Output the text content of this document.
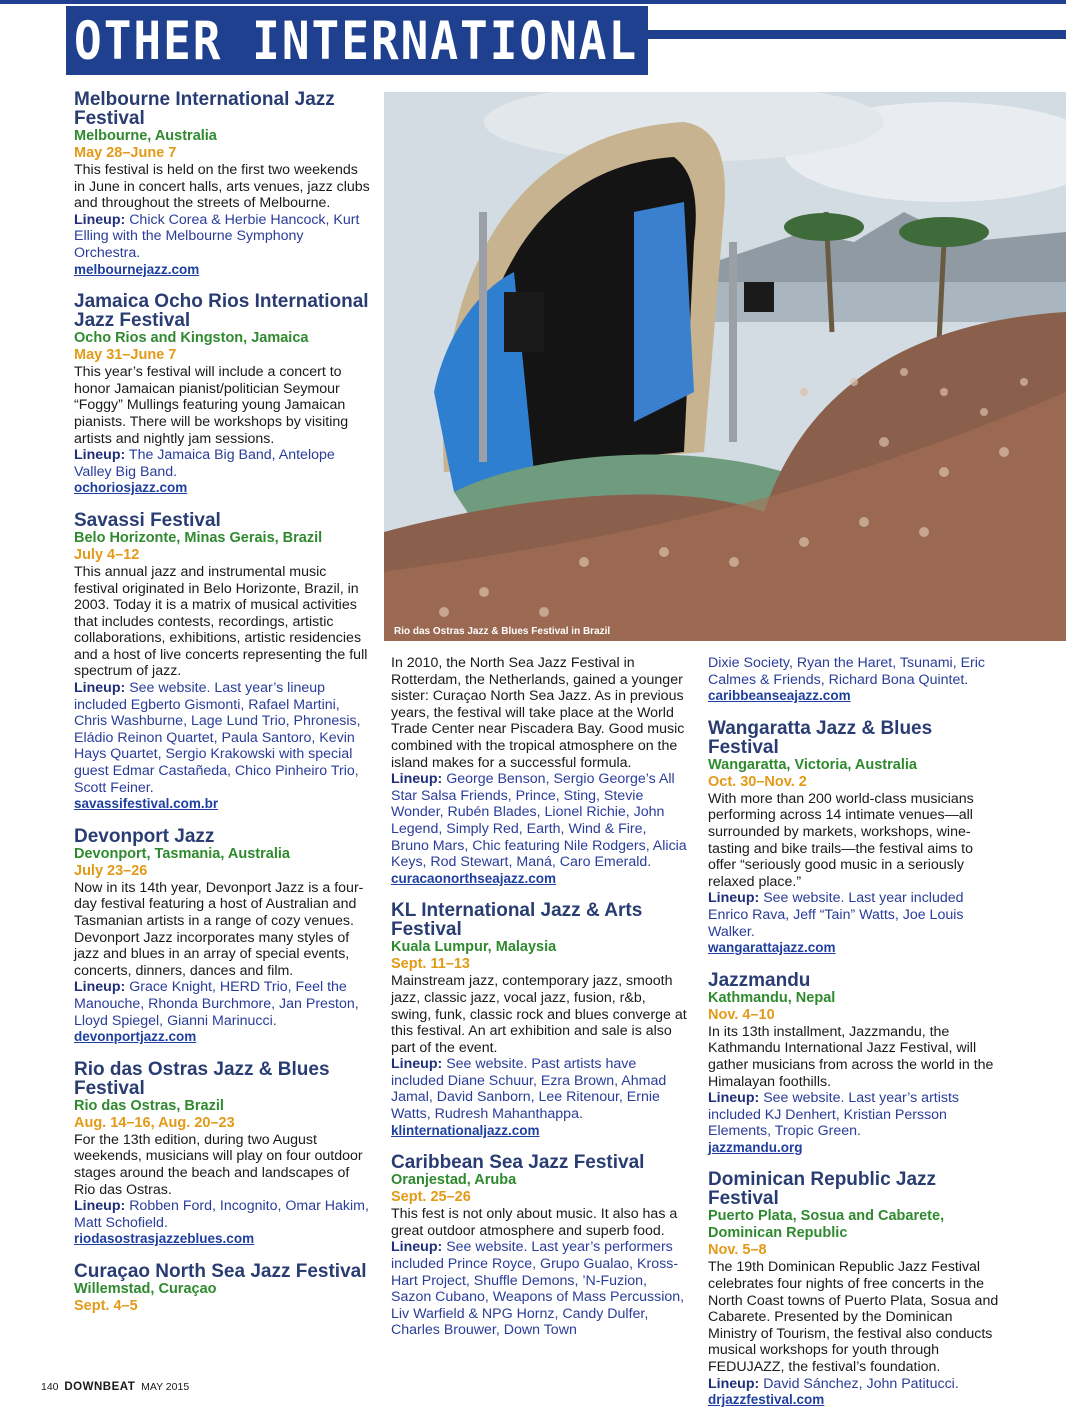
OTHER INTERNATIONAL
Rio das Ostras Jazz & Blues Festival in Brazil
Melbourne International Jazz Festival
Melbourne, Australia
May 28–June 7
This festival is held on the first two weekends in June in concert halls, arts venues, jazz clubs and throughout the streets of Melbourne.
Lineup: Chick Corea & Herbie Hancock, Kurt Elling with the Melbourne Symphony Orchestra.
melbournejazz.com
Jamaica Ocho Rios International Jazz Festival
Ocho Rios and Kingston, Jamaica
May 31–June 7
This year’s festival will include a concert to honor Jamaican pianist/politician Seymour “Foggy” Mullings featuring young Jamaican pianists. There will be workshops by visiting artists and nightly jam sessions.
Lineup: The Jamaica Big Band, Antelope Valley Big Band.
ochoriosjazz.com
Savassi Festival
Belo Horizonte, Minas Gerais, Brazil
July 4–12
This annual jazz and instrumental music festival originated in Belo Horizonte, Brazil, in 2003. Today it is a matrix of musical activities that includes contests, recordings, artistic collaborations, exhibitions, artistic residencies and a host of live concerts representing the full spectrum of jazz.
Lineup: See website. Last year’s lineup included Egberto Gismonti, Rafael Martini, Chris Washburne, Lage Lund Trio, Phronesis, Eládio Reinon Quartet, Paula Santoro, Kevin Hays Quartet, Sergio Krakowski with special guest Edmar Castañeda, Chico Pinheiro Trio, Scott Feiner.
savassifestival.com.br
Devonport Jazz
Devonport, Tasmania, Australia
July 23–26
Now in its 14th year, Devonport Jazz is a four-day festival featuring a host of Australian and Tasmanian artists in a range of cozy venues. Devonport Jazz incorporates many styles of jazz and blues in an array of special events, concerts, dinners, dances and film.
Lineup: Grace Knight, HERD Trio, Feel the Manouche, Rhonda Burchmore, Jan Preston, Lloyd Spiegel, Gianni Marinucci.
devonportjazz.com
Rio das Ostras Jazz & Blues Festival
Rio das Ostras, Brazil
Aug. 14–16, Aug. 20–23
For the 13th edition, during two August weekends, musicians will play on four outdoor stages around the beach and landscapes of Rio das Ostras.
Lineup: Robben Ford, Incognito, Omar Hakim, Matt Schofield.
riodasostrasjazzeblues.com
Curaçao North Sea Jazz Festival
Willemstad, Curaçao
Sept. 4–5
In 2010, the North Sea Jazz Festival in Rotterdam, the Netherlands, gained a younger sister: Curaçao North Sea Jazz. As in previous years, the festival will take place at the World Trade Center near Piscadera Bay. Good music combined with the tropical atmosphere on the island makes for a successful formula.
Lineup: George Benson, Sergio George’s All Star Salsa Friends, Prince, Sting, Stevie Wonder, Rubén Blades, Lionel Richie, John Legend, Simply Red, Earth, Wind & Fire, Bruno Mars, Chic featuring Nile Rodgers, Alicia Keys, Rod Stewart, Maná, Caro Emerald.
curacaonorthseajazz.com
KL International Jazz & Arts Festival
Kuala Lumpur, Malaysia
Sept. 11–13
Mainstream jazz, contemporary jazz, smooth jazz, classic jazz, vocal jazz, fusion, r&b, swing, funk, classic rock and blues converge at this festival. An art exhibition and sale is also part of the event.
Lineup: See website. Past artists have included Diane Schuur, Ezra Brown, Ahmad Jamal, David Sanborn, Lee Ritenour, Ernie Watts, Rudresh Mahanthappa.
klinternationaljazz.com
Caribbean Sea Jazz Festival
Oranjestad, Aruba
Sept. 25–26
This fest is not only about music. It also has a great outdoor atmosphere and superb food.
Lineup: See website. Last year’s performers included Prince Royce, Grupo Gualao, Kross-Hart Project, Shuffle Demons, ’N-Fuzion, Sazon Cubano, Weapons of Mass Percussion, Liv Warfield & NPG Hornz, Candy Dulfer, Charles Brouwer, Down Town
Dixie Society, Ryan the Haret, Tsunami, Eric Calmes & Friends, Richard Bona Quintet.
caribbeanseajazz.com
Wangaratta Jazz & Blues Festival
Wangaratta, Victoria, Australia
Oct. 30–Nov. 2
With more than 200 world-class musicians performing across 14 intimate venues—all surrounded by markets, workshops, wine-tasting and bike trails—the festival aims to offer “seriously good music in a seriously relaxed place.”
Lineup: See website. Last year included Enrico Rava, Jeff “Tain” Watts, Joe Louis Walker.
wangarattajazz.com
Jazzmandu
Kathmandu, Nepal
Nov. 4–10
In its 13th installment, Jazzmandu, the Kathmandu International Jazz Festival, will gather musicians from across the world in the Himalayan foothills.
Lineup: See website. Last year’s artists included KJ Denhert, Kristian Persson Elements, Tropic Green.
jazzmandu.org
Dominican Republic Jazz Festival
Puerto Plata, Sosua and Cabarete, Dominican Republic
Nov. 5–8
The 19th Dominican Republic Jazz Festival celebrates four nights of free concerts in the North Coast towns of Puerto Plata, Sosua and Cabarete. Presented by the Dominican Ministry of Tourism, the festival also conducts musical workshops for youth through FEDUJAZZ, the festival’s foundation.
Lineup: David Sánchez, John Patitucci.
drjazzfestival.com
140 DOWNBEAT MAY 2015
